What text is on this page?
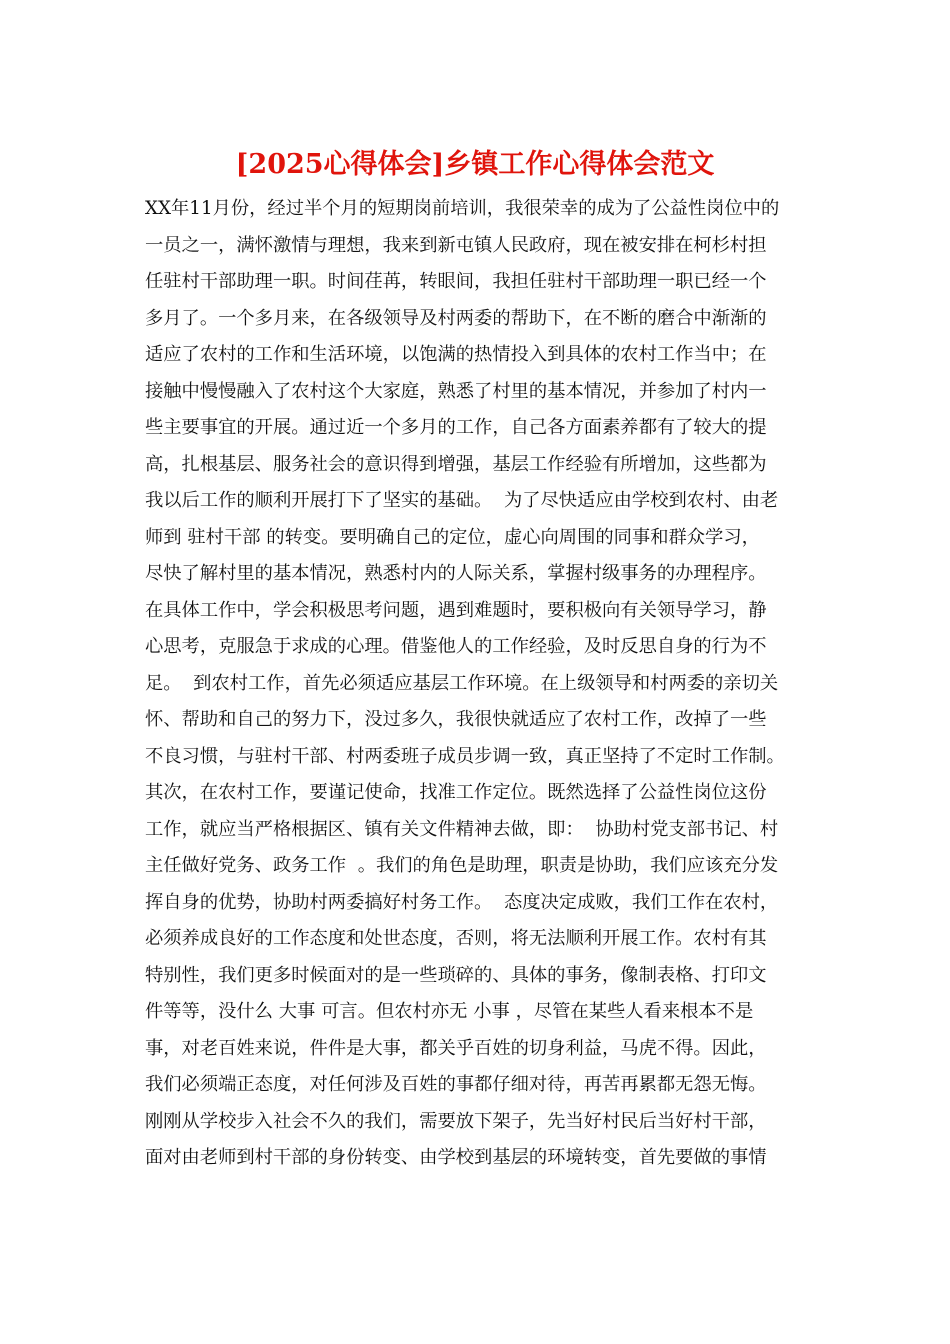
[2025心得体会]乡镇工作心得体会范文
XX年11月份，经过半个月的短期岗前培训，我很荣幸的成为了公益性岗位中的
一员之一，满怀激情与理想，我来到新屯镇人民政府，现在被安排在柯杉村担
任驻村干部助理一职。时间荏苒，转眼间，我担任驻村干部助理一职已经一个
多月了。一个多月来，在各级领导及村两委的帮助下，在不断的磨合中渐渐的
适应了农村的工作和生活环境，以饱满的热情投入到具体的农村工作当中；在
接触中慢慢融入了农村这个大家庭，熟悉了村里的基本情况，并参加了村内一
些主要事宜的开展。通过近一个多月的工作，自己各方面素养都有了较大的提
高，扎根基层、服务社会的意识得到增强，基层工作经验有所增加，这些都为
我以后工作的顺利开展打下了坚实的基础。  为了尽快适应由学校到农村、由老
师到 驻村干部 的转变。要明确自己的定位，虚心向周围的同事和群众学习，
尽快了解村里的基本情况，熟悉村内的人际关系，掌握村级事务的办理程序。
在具体工作中，学会积极思考问题，遇到难题时，要积极向有关领导学习，静
心思考，克服急于求成的心理。借鉴他人的工作经验，及时反思自身的行为不
足。  到农村工作，首先必须适应基层工作环境。在上级领导和村两委的亲切关
怀、帮助和自己的努力下，没过多久，我很快就适应了农村工作，改掉了一些
不良习惯，与驻村干部、村两委班子成员步调一致，真正坚持了不定时工作制。
其次，在农村工作，要谨记使命，找准工作定位。既然选择了公益性岗位这份
工作，就应当严格根据区、镇有关文件精神去做，即：  协助村党支部书记、村
主任做好党务、政务工作  。我们的角色是助理，职责是协助，我们应该充分发
挥自身的优势，协助村两委搞好村务工作。  态度决定成败，我们工作在农村，
必须养成良好的工作态度和处世态度，否则，将无法顺利开展工作。农村有其
特别性，我们更多时候面对的是一些琐碎的、具体的事务，像制表格、打印文
件等等，没什么 大事 可言。但农村亦无 小事 ，尽管在某些人看来根本不是
事，对老百姓来说，件件是大事，都关乎百姓的切身利益，马虎不得。因此，
我们必须端正态度，对任何涉及百姓的事都仔细对待，再苦再累都无怨无悔。
刚刚从学校步入社会不久的我们，需要放下架子，先当好村民后当好村干部，
面对由老师到村干部的身份转变、由学校到基层的环境转变，首先要做的事情
